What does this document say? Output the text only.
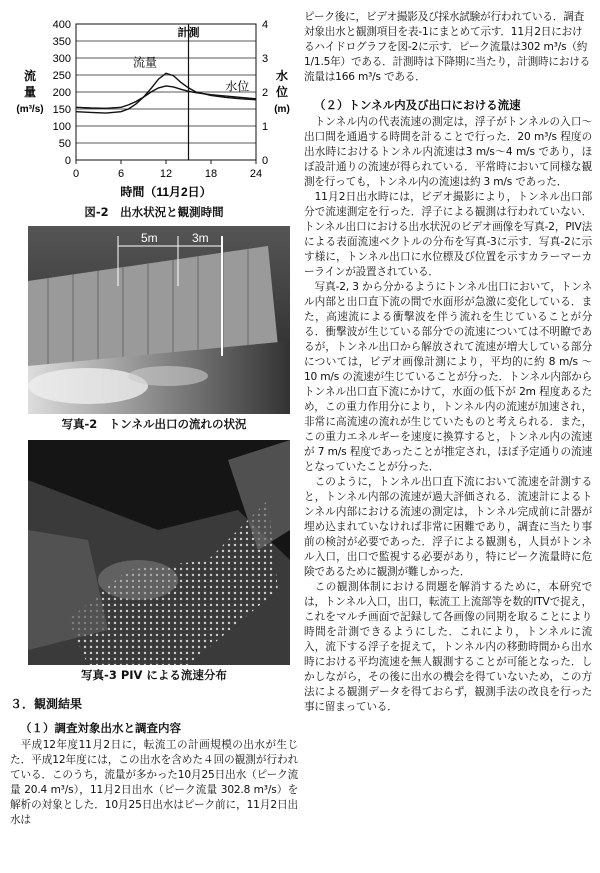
0
50
100
150
200
250
300
350
400
0
1
2
3
4
0	6	12	18	24
流
量
(m³/s)
水
位
(m)
時間（11月2日）
計測
流量
水位
図-2　出水状況と観測時間
5m	3m
写真-2　トンネル出口の流れの状況
写真-3 PIV による流速分布
３．観測結果
（１）調査対象出水と調査内容

平成12年度11月2日に，転流工の計画規模の出水が生じた．平成12年度には，この出水を含めた４回の観測が行われている．このうち，流量が多かった10月25日出水（ピーク流量 20.4 m³/s），11月2日出水（ピーク流量 302.8 m³/s）を解析の対象とした．10月25日出水はピーク前に，11月2日出水は

ピーク後に，ビデオ撮影及び採水試験が行われている．調査対象出水と観測項目を表-1にまとめて示す．11月2日におけるハイドログラフを図-2に示す．ピーク流量は302 m³/s（約1/1.5年）である．計測時は下降期に当たり，計測時における流量は166 m³/s である．

（２）トンネル内及び出口における流速

トンネル内の代表流速の測定は，浮子がトンネルの入口～出口間を通過する時間を計ることで行った．20 m³/s 程度の出水時におけるトンネル内流速は3 m/s～4 m/s であり，ほぼ設計通りの流速が得られている．平常時において同様な観測を行っても，トンネル内の流速は約 3 m/s であった．

11月2日出水時には，ビデオ撮影により，トンネル出口部分で流速測定を行った．浮子による観測は行われていない．トンネル出口における出水状況のビデオ画像を写真-2，PIV法による表面流速ベクトルの分布を写真-3に示す．写真-2に示す様に，トンネル出口に水位標及び位置を示すカラーマーカーラインが設置されている．

写真-2, 3 から分かるようにトンネル出口において，トンネル内部と出口直下流の間で水面形が急激に変化している．また，高速流による衝撃波を伴う流れを生じていることが分る．衝撃波が生じている部分での流速については不明瞭であるが，トンネル出口から解放されて流速が増大している部分については，ビデオ画像計測により，平均的に約 8 m/s ～ 10 m/s の流速が生じていることが分った．トンネル内部からトンネル出口直下流にかけて，水面の低下が 2m 程度あるため，この重力作用分により，トンネル内の流速が加速され，非常に高流速の流れが生じていたものと考えられる．また，この重力エネルギーを速度に換算すると，トンネル内の流速が 7 m/s 程度であったことが推定され，ほぼ予定通りの流速となっていたことが分った．

このように，トンネル出口直下流において流速を計測すると，トンネル内部の流速が過大評価される．流速計によるトンネル内部における流速の測定は，トンネル完成前に計器が埋め込まれていなければ非常に困難であり，調査に当たり事前の検討が必要であった．浮子による観測も，人員がトンネル入口，出口で監視する必要があり，特にピーク流量時に危険であるために観測が難しかった．

この観測体制における問題を解消するために，本研究では，トンネル入口，出口，転流工上流部等を数的ITVで捉え，これをマルチ画面で記録して各画像の同期を取ることにより時間を計測できるようにした．これにより，トンネルに流入，流下する浮子を捉えて，トンネル内の移動時間から出水時における平均流速を無人観測することが可能となった．しかしながら，その後に出水の機会を得ていないため，この方法による観測データを得ておらず，観測手法の改良を行った事に留まっている．
